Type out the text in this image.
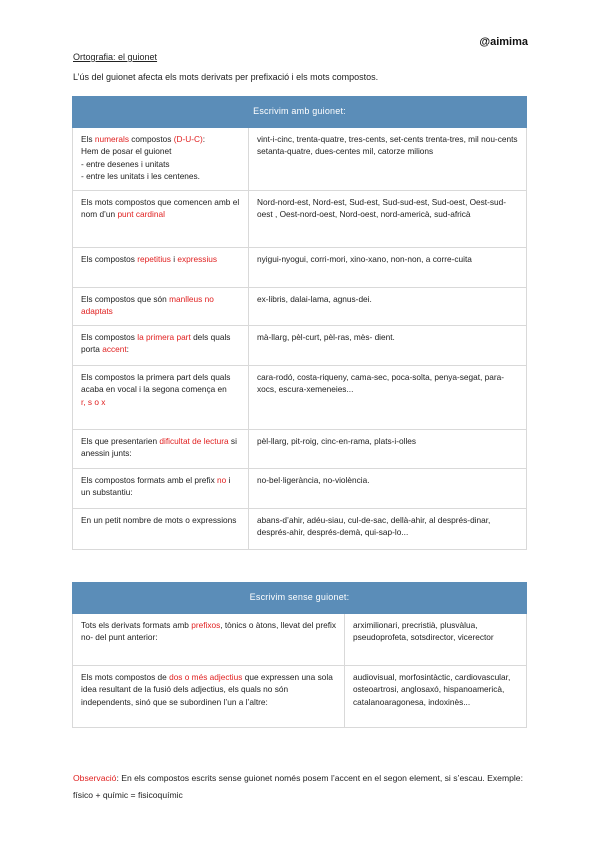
@aimima
Ortografia: el guionet
L’ús del guionet afecta els mots derivats per prefixació i els mots compostos.
Escrivim amb guionet:	
Els numerals compostos (D-U-C):
Hem de posar el guionet
- entre desenes i unitats
- entre les unitats i les centenes.	vint-i-cinc, trenta-quatre, tres-cents, set-cents trenta-tres, mil nou-cents setanta-quatre, dues-centes mil, catorze milions
Els mots compostos que comencen amb el nom d’un punt cardinal	Nord-nord-est, Nord-est, Sud-est, Sud-sud-est, Sud-oest, Oest-sud-oest , Oest-nord-oest, Nord-oest, nord-americà, sud-africà
Els compostos repetitius i expressius	nyigui-nyogui, corri-mori, xino-xano, non-non, a corre-cuita
Els compostos que són manlleus no adaptats	ex-libris, dalai-lama, agnus-dei.
Els compostos la primera part dels quals porta accent:	mà-llarg, pèl-curt, pèl-ras, mès- dient.
Els compostos la primera part dels quals acaba en vocal i la segona comença en
r, s o x	cara-rodó, costa-riqueny, cama-sec, poca-solta, penya-segat, para-xocs, escura-xemeneies...
Els que presentarien dificultat de lectura si anessin junts:	pèl-llarg, pit-roig, cinc-en-rama, plats-i-olles
Els compostos formats amb el prefix no i un substantiu:	no-bel·ligerància, no-violència.
En un petit nombre de mots o expressions	abans-d’ahir, adéu-siau, cul-de-sac, dellà-ahir, al després-dinar, després-ahir, després-demà, qui-sap-lo...
Escrivim sense guionet:	
Tots els derivats formats amb prefixos, tònics o àtons, llevat del prefix no- del punt anterior:	arximilionari, precristià, plusvàlua, pseudoprofeta, sotsdirector, vicerector
Els mots compostos de dos o més adjectius que expressen una sola idea resultant de la fusió dels adjectius, els quals no són independents, sinó que se subordinen l’un a l’altre:	audiovisual, morfosintàctic, cardiovascular, osteoartrosi, anglosaxó, hispanoamericà, catalanoaragonesa, indoxinès...
Observació: En els compostos escrits sense guionet només posem l’accent en el segon element, si s’escau. Exemple: físico + químic = fisicoquímic
